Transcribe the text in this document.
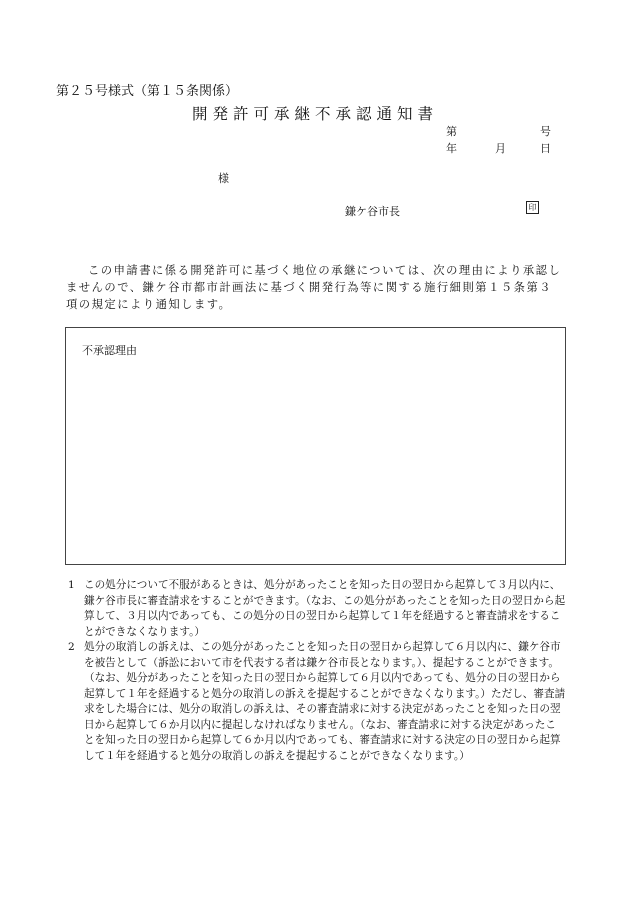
第２５号様式（第１５条関係）
開発許可承継不承認通知書
第	号
年	月	日
様
鎌ケ谷市長	印
この申請書に係る開発許可に基づく地位の承継については、次の理由により承認しませんので、鎌ケ谷市都市計画法に基づく開発行為等に関する施行細則第１５条第３項の規定により通知します。
不承認理由
1 この処分について不服があるときは、処分があったことを知った日の翌日から起算して３月以内に、鎌ケ谷市長に審査請求をすることができます。（なお、この処分があったことを知った日の翌日から起算して、３月以内であっても、この処分の日の翌日から起算して１年を経過すると審査請求をすることができなくなります。）
2 処分の取消しの訴えは、この処分があったことを知った日の翌日から起算して６月以内に、鎌ケ谷市を被告として（訴訟において市を代表する者は鎌ケ谷市長となります。）、提起することができます。（なお、処分があったことを知った日の翌日から起算して６月以内であっても、処分の日の翌日から起算して１年を経過すると処分の取消しの訴えを提起することができなくなります。）ただし、審査請求をした場合には、処分の取消しの訴えは、その審査請求に対する決定があったことを知った日の翌日から起算して６か月以内に提起しなければなりません。（なお、審査請求に対する決定があったことを知った日の翌日から起算して６か月以内であっても、審査請求に対する決定の日の翌日から起算して１年を経過すると処分の取消しの訴えを提起することができなくなります。）
